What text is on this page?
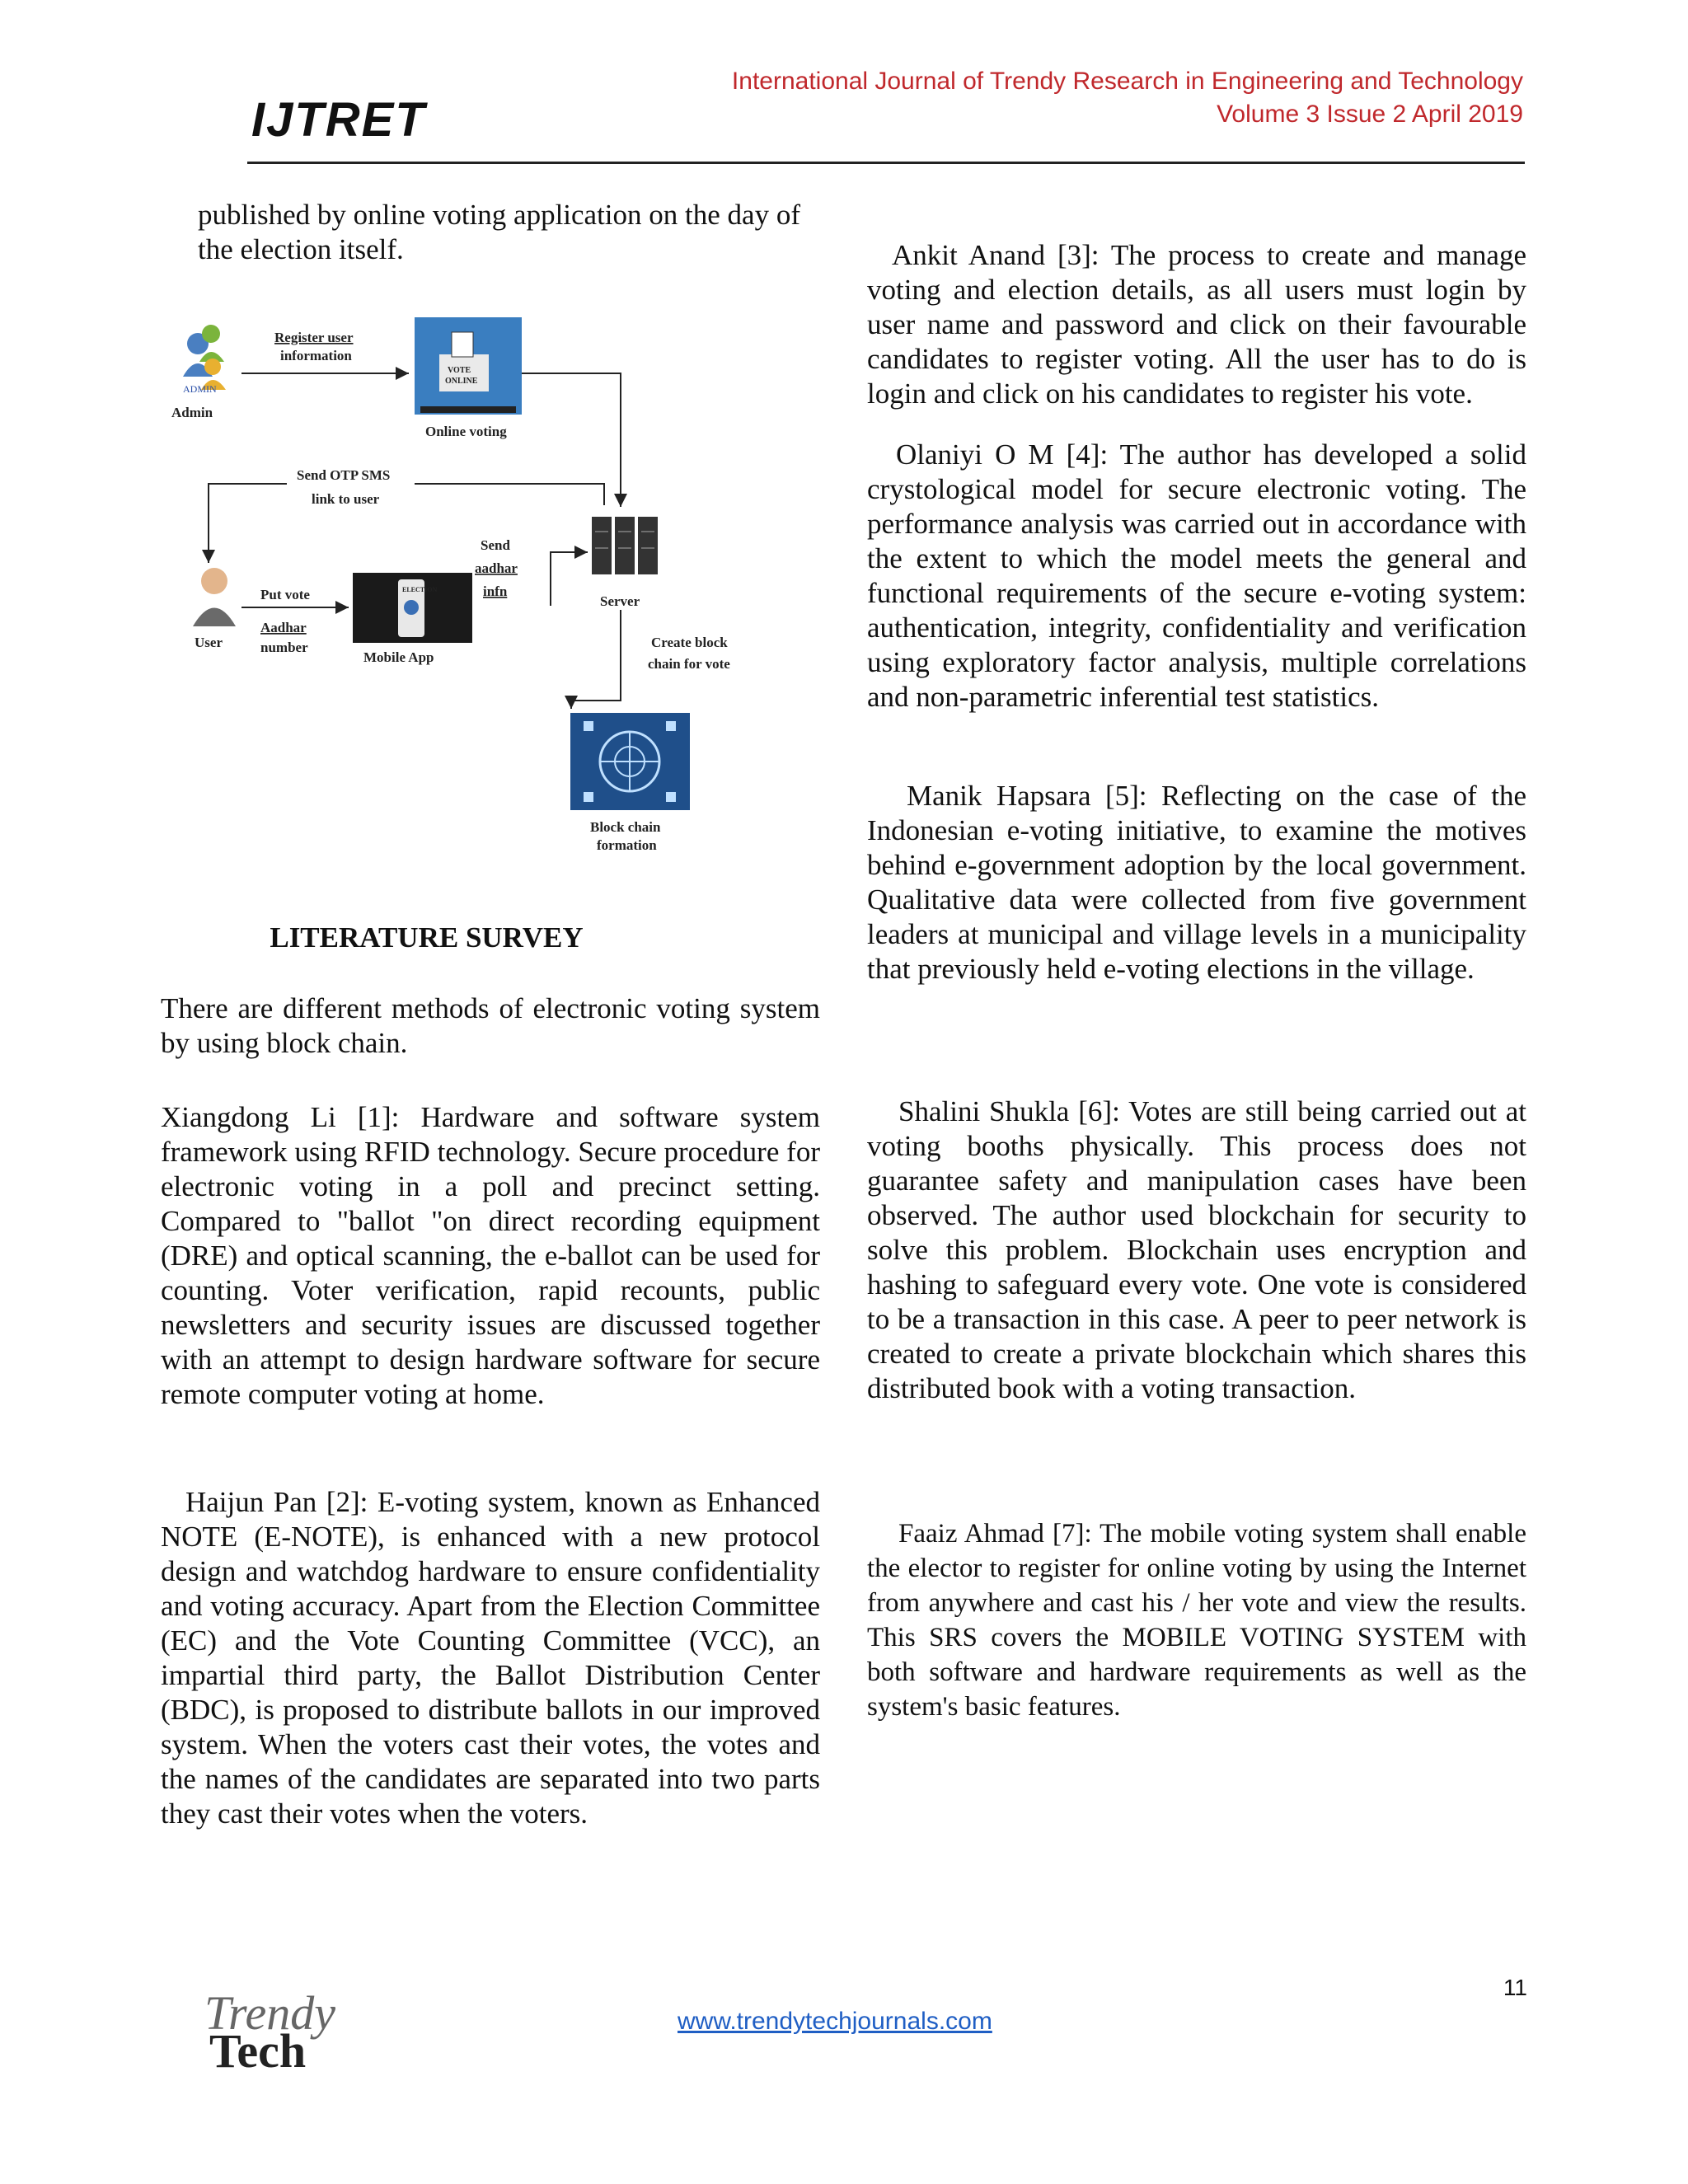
IJTRET
International Journal of Trendy Research in Engineering and Technology
Volume 3 Issue 2 April 2019

published by online voting application on the day of the election itself.

ADMIN
Admin
Register user
information
VOTE
ONLINE
Online voting
Send OTP SMS
link to user
Server
Send
aadhar
infn
User
Put vote
Aadhar
number
ELECTION
Mobile App
Create block
chain for vote
Block chain
formation
LITERATURE SURVEY

There are different methods of electronic voting system by using block chain.

Xiangdong Li [1]: Hardware and software system framework using RFID technology. Secure procedure for electronic voting in a poll and precinct setting. Compared to "ballot "on direct recording equipment (DRE) and optical scanning, the e-ballot can be used for counting. Voter verification, rapid recounts, public newsletters and security issues are discussed together with an attempt to design hardware software for secure remote computer voting at home.

Haijun Pan [2]: E-voting system, known as Enhanced NOTE (E-NOTE), is enhanced with a new protocol design and watchdog hardware to ensure confidentiality and voting accuracy. Apart from the Election Committee (EC) and the Vote Counting Committee (VCC), an impartial third party, the Ballot Distribution Center (BDC), is proposed to distribute ballots in our improved system. When the voters cast their votes, the votes and the names of the candidates are separated into two parts they cast their votes when the voters.

Ankit Anand [3]: The process to create and manage voting and election details, as all users must login by user name and password and click on their favourable candidates to register voting. All the user has to do is login and click on his candidates to register his vote.

Olaniyi O M [4]: The author has developed a solid crystological model for secure electronic voting. The performance analysis was carried out in accordance with the extent to which the model meets the general and functional requirements of the secure e-voting system: authentication, integrity, confidentiality and verification using exploratory factor analysis, multiple correlations and non-parametric inferential test statistics.

Manik Hapsara [5]: Reflecting on the case of the Indonesian e-voting initiative, to examine the motives behind e-government adoption by the local government. Qualitative data were collected from five government leaders at municipal and village levels in a municipality that previously held e-voting elections in the village.

Shalini Shukla [6]: Votes are still being carried out at voting booths physically. This process does not guarantee safety and manipulation cases have been observed. The author used blockchain for security to solve this problem. Blockchain uses encryption and hashing to safeguard every vote. One vote is considered to be a transaction in this case. A peer to peer network is created to create a private blockchain which shares this distributed book with a voting transaction.

Faaiz Ahmad [7]: The mobile voting system shall enable the elector to register for online voting by using the Internet from anywhere and cast his / her vote and view the results. This SRS covers the MOBILE VOTING SYSTEM with both software and hardware requirements as well as the system's basic features.

11
www.trendytechjournals.com
Trendy
Tech
